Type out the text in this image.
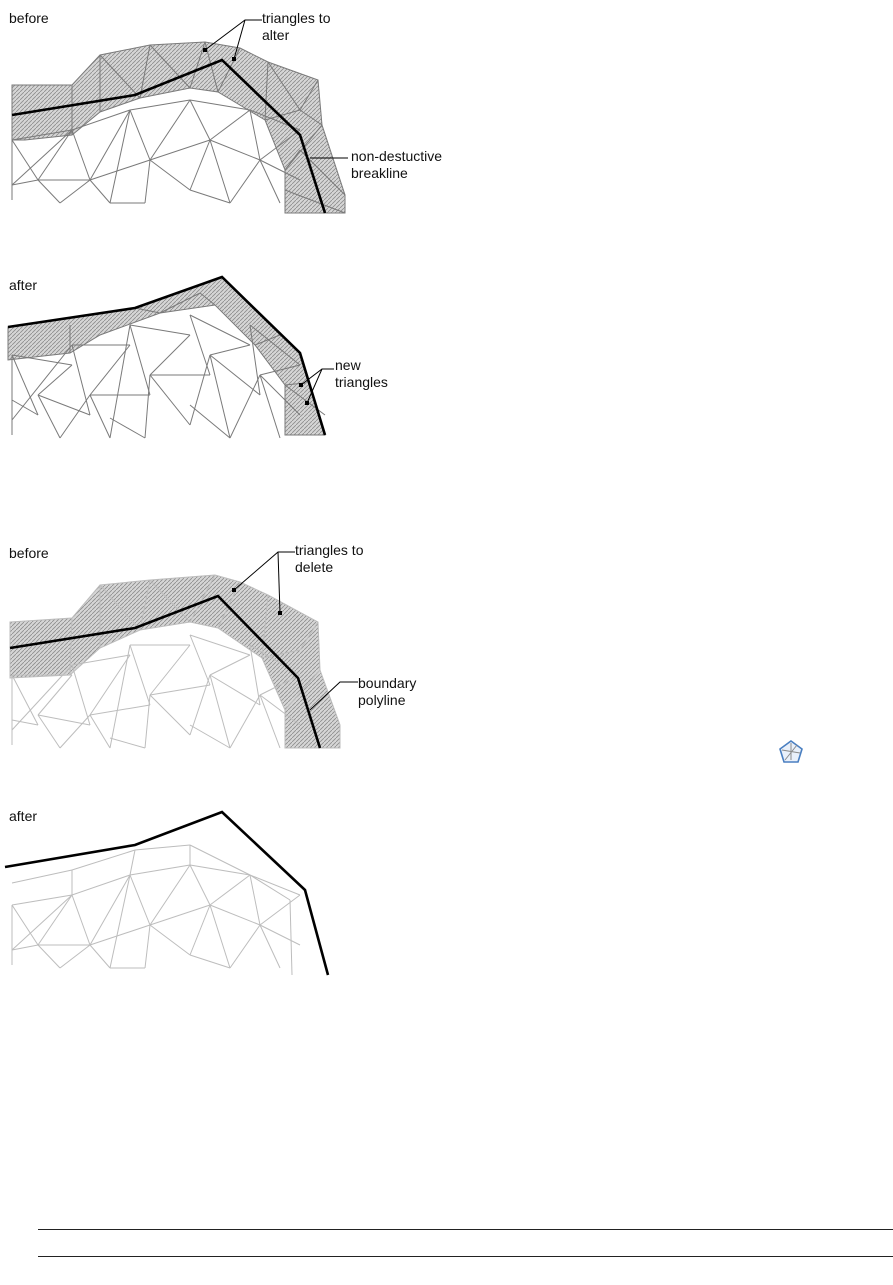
before	triangles to
alter
non-destuctive
breakline
after
new
triangles
before	triangles to
delete
boundary
polyline
after
